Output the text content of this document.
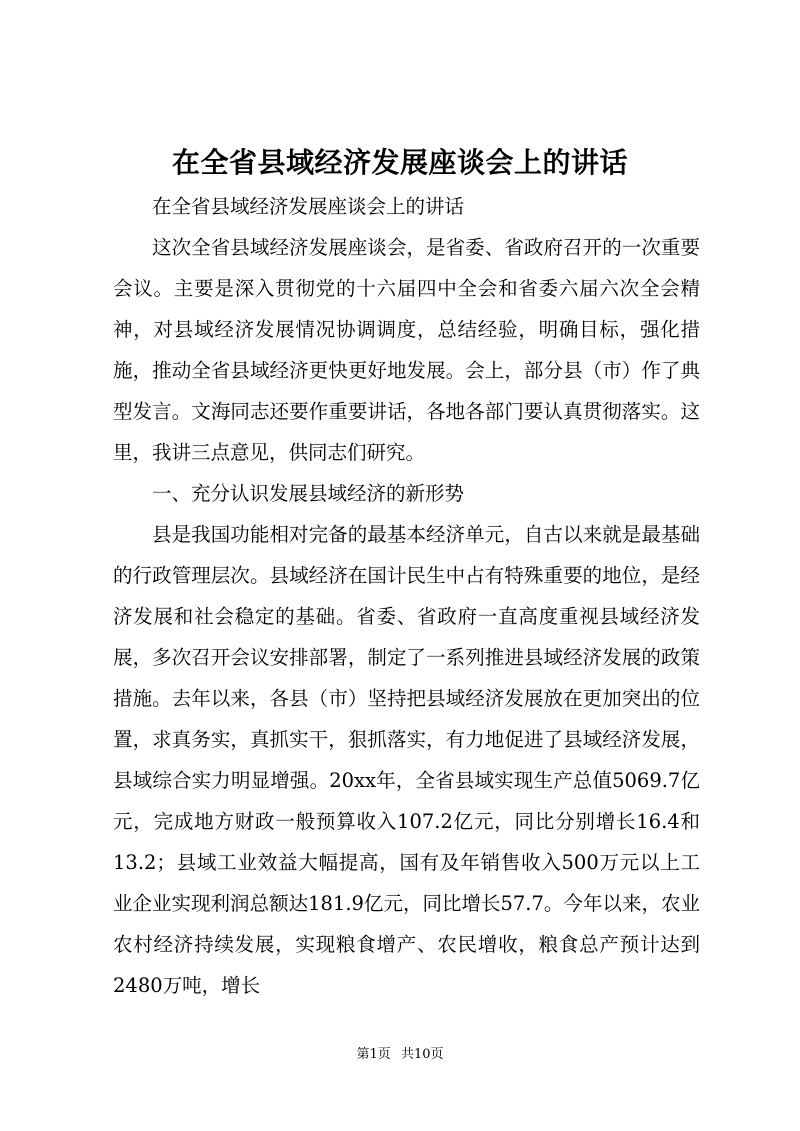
在全省县域经济发展座谈会上的讲话

在全省县域经济发展座谈会上的讲话

这次全省县域经济发展座谈会，是省委、省政府召开的一次重要会议。主要是深入贯彻党的十六届四中全会和省委六届六次全会精神，对县域经济发展情况协调调度，总结经验，明确目标，强化措施，推动全省县域经济更快更好地发展。会上，部分县（市）作了典型发言。文海同志还要作重要讲话，各地各部门要认真贯彻落实。这里，我讲三点意见，供同志们研究。

一、充分认识发展县域经济的新形势

县是我国功能相对完备的最基本经济单元，自古以来就是最基础的行政管理层次。县域经济在国计民生中占有特殊重要的地位，是经济发展和社会稳定的基础。省委、省政府一直高度重视县域经济发展，多次召开会议安排部署，制定了一系列推进县域经济发展的政策措施。去年以来，各县（市）坚持把县域经济发展放在更加突出的位置，求真务实，真抓实干，狠抓落实，有力地促进了县域经济发展，县域综合实力明显增强。20xx年，全省县域实现生产总值5069.7亿元，完成地方财政一般预算收入107.2亿元，同比分别增长16.4和13.2；县域工业效益大幅提高，国有及年销售收入500万元以上工业企业实现利润总额达181.9亿元，同比增长57.7。今年以来，农业农村经济持续发展，实现粮食增产、农民增收，粮食总产预计达到2480万吨，增长

第1页 共10页
